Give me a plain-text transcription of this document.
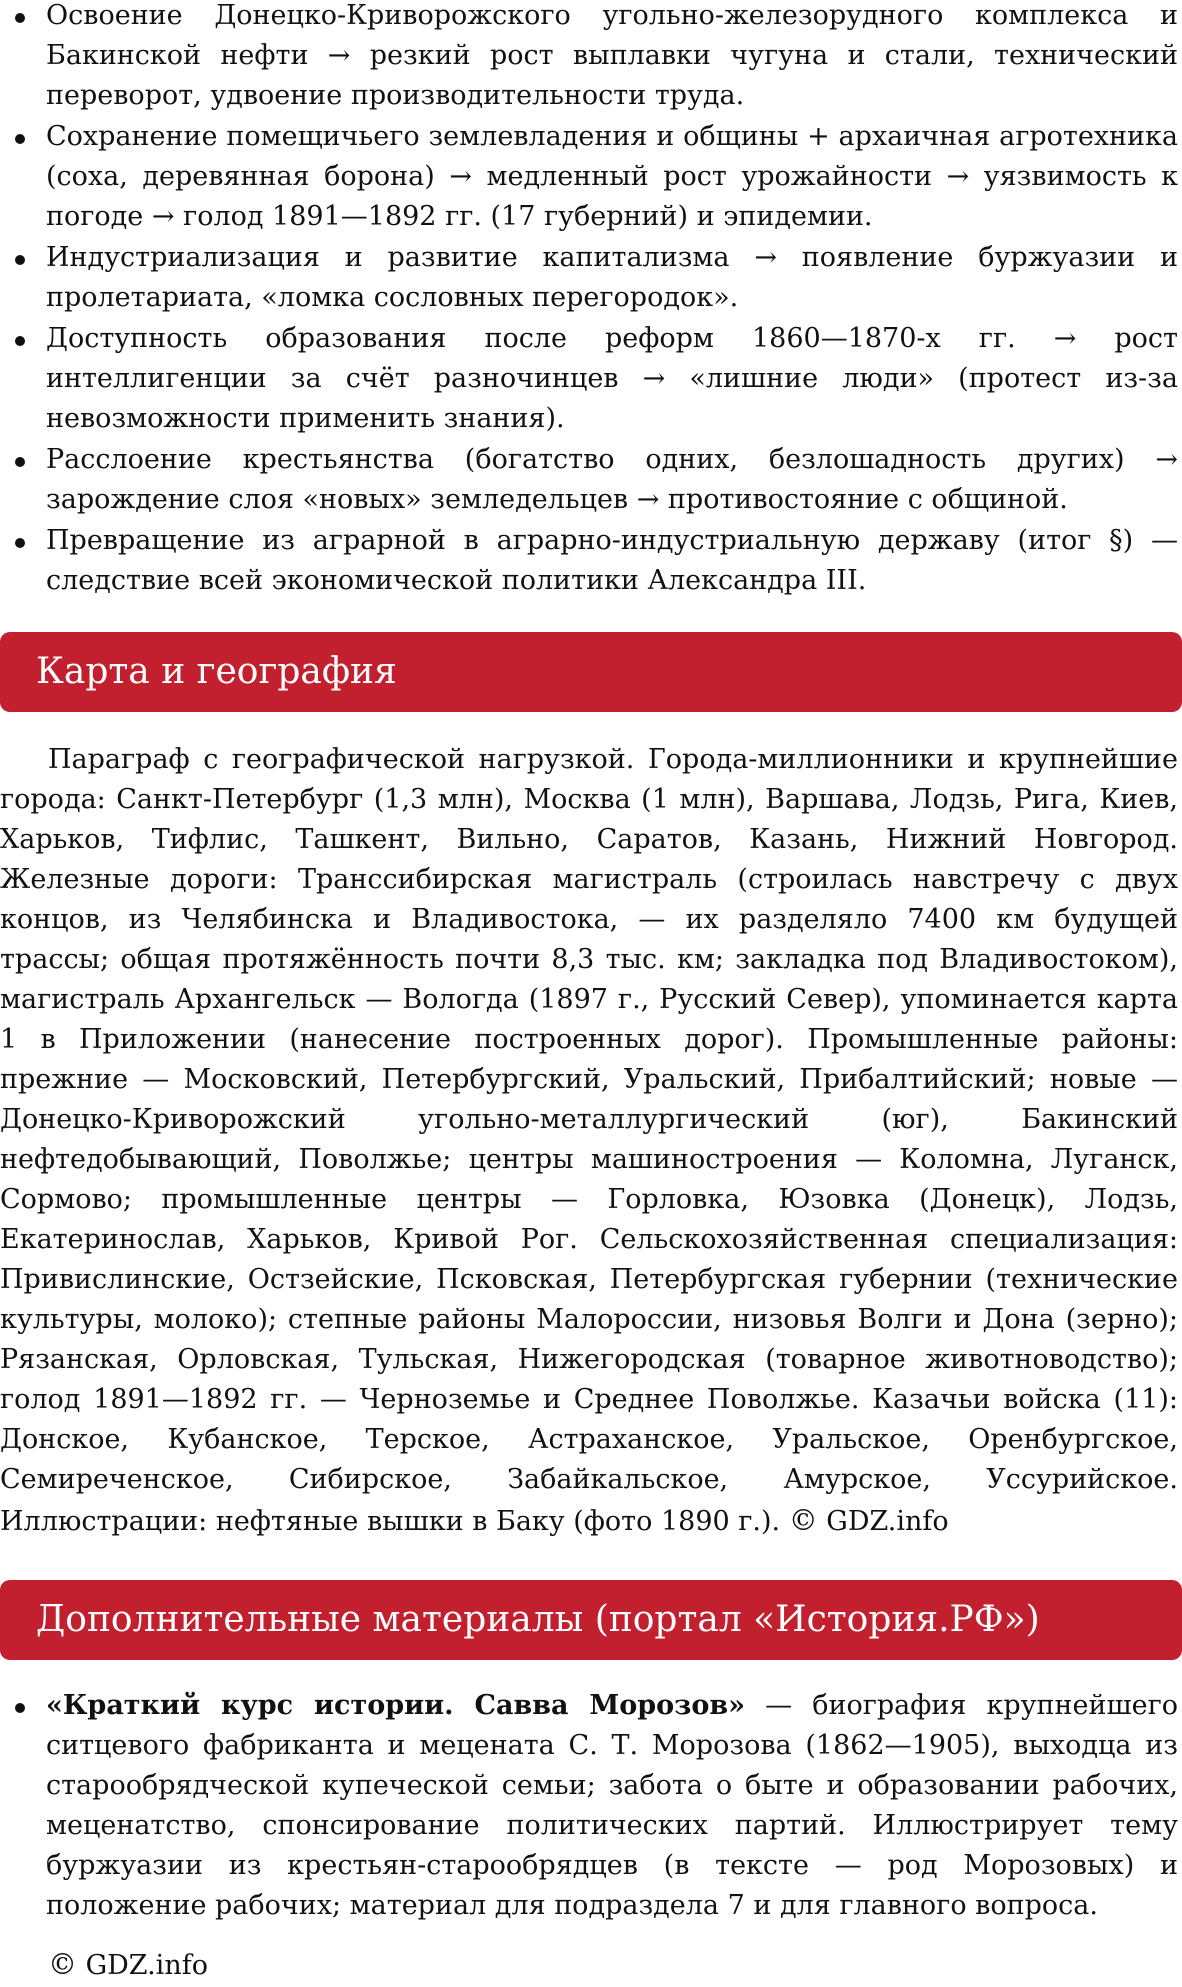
Освоение Донецко-Криворожского угольно-железорудного комплекса и Бакинской нефти → резкий рост выплавки чугуна и стали, технический переворот, удвоение производительности труда.
Сохранение помещичьего землевладения и общины + архаичная агротехника (соха, деревянная борона) → медленный рост урожайности → уязвимость к погоде → голод 1891—1892 гг. (17 губерний) и эпидемии.
Индустриализация и развитие капитализма → появление буржуазии и пролетариата, «ломка сословных перегородок».
Доступность образования после реформ 1860—1870-х гг. → рост интеллигенции за счёт разночинцев → «лишние люди» (протест из-за невозможности применить знания).
Расслоение крестьянства (богатство одних, безлошадность других) → зарождение слоя «новых» земледельцев → противостояние с общиной.
Превращение из аграрной в аграрно-индустриальную державу (итог §) — следствие всей экономической политики Александра III.
Карта и география

Параграф с географической нагрузкой. Города-миллионники и крупнейшие города: Санкт-Петербург (1,3 млн), Москва (1 млн), Варшава, Лодзь, Рига, Киев, Харьков, Тифлис, Ташкент, Вильно, Саратов, Казань, Нижний Новгород. Железные дороги: Транссибирская магистраль (строилась навстречу с двух концов, из Челябинска и Владивостока, — их разделяло 7400 км будущей трассы; общая протяжённость почти 8,3 тыс. км; закладка под Владивостоком), магистраль Архангельск — Вологда (1897 г., Русский Север), упоминается карта 1 в Приложении (нанесение построенных дорог). Промышленные районы: прежние — Московский, Петербургский, Уральский, Прибалтийский; новые — Донецко-Криворожский угольно-металлургический (юг), Бакинский нефтедобывающий, Поволжье; центры машиностроения — Коломна, Луганск, Сормово; промышленные центры — Горловка, Юзовка (Донецк), Лодзь, Екатеринослав, Харьков, Кривой Рог. Сельскохозяйственная специализация: Привислинские, Остзейские, Псковская, Петербургская губернии (технические культуры, молоко); степные районы Малороссии, низовья Волги и Дона (зерно); Рязанская, Орловская, Тульская, Нижегородская (товарное животноводство); голод 1891—1892 гг. — Черноземье и Среднее Поволжье. Казачьи войска (11): Донское, Кубанское, Терское, Астраханское, Уральское, Оренбургское, Семиреченское, Сибирское, Забайкальское, Амурское, Уссурийское. Иллюстрации: нефтяные вышки в Баку (фото 1890 г.). © GDZ.info

Дополнительные материалы (портал «История.РФ»)
«Краткий курс истории. Савва Морозов» — биография крупнейшего ситцевого фабриканта и мецената С. Т. Морозова (1862—1905), выходца из старообрядческой купеческой семьи; забота о быте и образовании рабочих, меценатство, спонсирование политических партий. Иллюстрирует тему буржуазии из крестьян-старообрядцев (в тексте — род Морозовых) и положение рабочих; материал для подраздела 7 и для главного вопроса.
© GDZ.info
